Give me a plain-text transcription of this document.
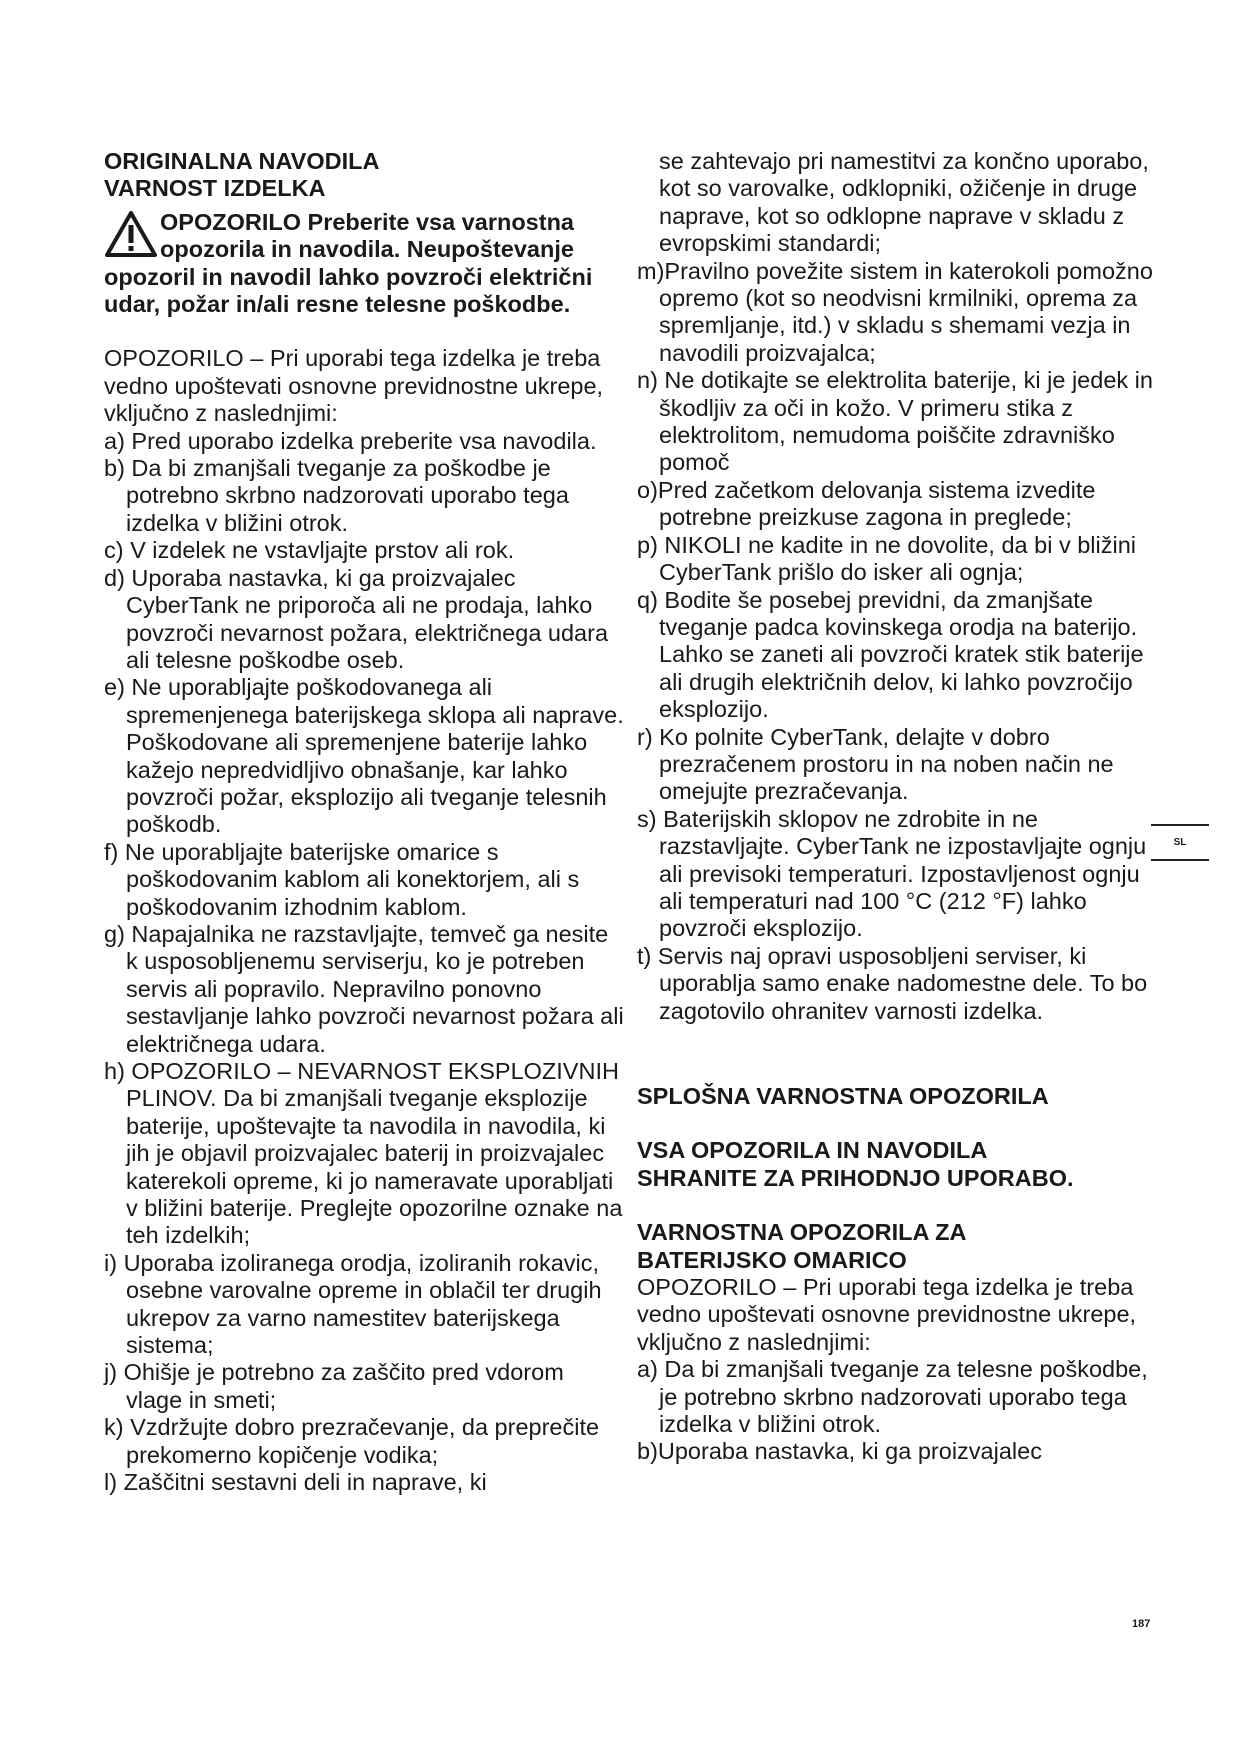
ORIGINALNA NAVODILA

VARNOST IZDELKA

OPOZORILO Preberite vsa varnostna opozorila in navodila. Neupoštevanje opozoril in navodil lahko povzroči električni udar, požar in/ali resne telesne poškodbe.

OPOZORILO – Pri uporabi tega izdelka je treba vedno upoštevati osnovne previdnostne ukrepe, vključno z naslednjimi:

a) Pred uporabo izdelka preberite vsa navodila.

b) Da bi zmanjšali tveganje za poškodbe je potrebno skrbno nadzorovati uporabo tega izdelka v bližini otrok.

c) V izdelek ne vstavljajte prstov ali rok.

d) Uporaba nastavka, ki ga proizvajalec CyberTank ne priporoča ali ne prodaja, lahko povzroči nevarnost požara, električnega udara ali telesne poškodbe oseb.

e) Ne uporabljajte poškodovanega ali spremenjenega baterijskega sklopa ali naprave. Poškodovane ali spremenjene baterije lahko kažejo nepredvidljivo obnašanje, kar lahko povzroči požar, eksplozijo ali tveganje telesnih poškodb.

f) Ne uporabljajte baterijske omarice s poškodovanim kablom ali konektorjem, ali s poškodovanim izhodnim kablom.

g) Napajalnika ne razstavljajte, temveč ga nesite k usposobljenemu serviserju, ko je potreben servis ali popravilo. Nepravilno ponovno sestavljanje lahko povzroči nevarnost požara ali električnega udara.

h) OPOZORILO – NEVARNOST EKSPLOZIVNIH PLINOV. Da bi zmanjšali tveganje eksplozije baterije, upoštevajte ta navodila in navodila, ki jih je objavil proizvajalec baterij in proizvajalec katerekoli opreme, ki jo nameravate uporabljati v bližini baterije. Preglejte opozorilne oznake na teh izdelkih;

i) Uporaba izoliranega orodja, izoliranih rokavic, osebne varovalne opreme in oblačil ter drugih ukrepov za varno namestitev baterijskega sistema;

j) Ohišje je potrebno za zaščito pred vdorom vlage in smeti;

k) Vzdržujte dobro prezračevanje, da preprečite prekomerno kopičenje vodika;

l) Zaščitni sestavni deli in naprave, ki

se zahtevajo pri namestitvi za končno uporabo, kot so varovalke, odklopniki, ožičenje in druge naprave, kot so odklopne naprave v skladu z evropskimi standardi;

m)Pravilno povežite sistem in katerokoli pomožno opremo (kot so neodvisni krmilniki, oprema za spremljanje, itd.) v skladu s shemami vezja in navodili proizvajalca;

n) Ne dotikajte se elektrolita baterije, ki je jedek in škodljiv za oči in kožo. V primeru stika z elektrolitom, nemudoma poiščite zdravniško pomoč

o)Pred začetkom delovanja sistema izvedite potrebne preizkuse zagona in preglede;

p) NIKOLI ne kadite in ne dovolite, da bi v bližini CyberTank prišlo do isker ali ognja;

q) Bodite še posebej previdni, da zmanjšate tveganje padca kovinskega orodja na baterijo. Lahko se zaneti ali povzroči kratek stik baterije ali drugih električnih delov, ki lahko povzročijo eksplozijo.

r) Ko polnite CyberTank, delajte v dobro prezračenem prostoru in na noben način ne omejujte prezračevanja.

s) Baterijskih sklopov ne zdrobite in ne razstavljajte. CyberTank ne izpostavljajte ognju ali previsoki temperaturi. Izpostavljenost ognju ali temperaturi nad 100 °C (212 °F) lahko povzroči eksplozijo.

t) Servis naj opravi usposobljeni serviser, ki uporablja samo enake nadomestne dele. To bo zagotovilo ohranitev varnosti izdelka.

SPLOŠNA VARNOSTNA OPOZORILA

VSA OPOZORILA IN NAVODILA

SHRANITE ZA PRIHODNJO UPORABO.

VARNOSTNA OPOZORILA ZA

BATERIJSKO OMARICO

OPOZORILO – Pri uporabi tega izdelka je treba vedno upoštevati osnovne previdnostne ukrepe, vključno z naslednjimi:

a) Da bi zmanjšali tveganje za telesne poškodbe, je potrebno skrbno nadzorovati uporabo tega izdelka v bližini otrok.

b)Uporaba nastavka, ki ga proizvajalec

SL
187
